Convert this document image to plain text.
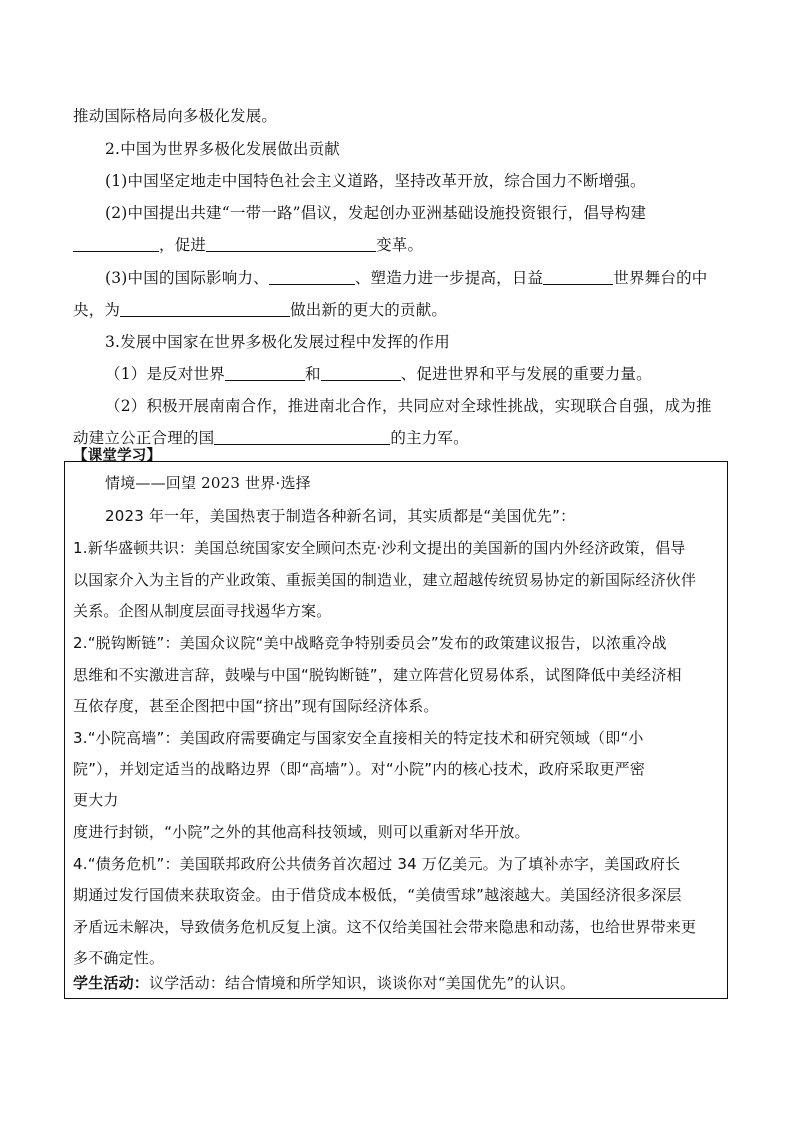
推动国际格局向多极化发展。
2.中国为世界多极化发展做出贡献
(1)中国坚定地走中国特色社会主义道路，坚持改革开放，综合国力不断增强。
(2)中国提出共建“一带一路”倡议，发起创办亚洲基础设施投资银行，倡导构建
，促进	变革。
(3)中国的国际影响力、	、塑造力进一步提高，日益	世界舞台的中
央，为	做出新的更大的贡献。
3.发展中国家在世界多极化发展过程中发挥的作用
（1）是反对世界	和	、促进世界和平与发展的重要力量。
（2）积极开展南南合作，推进南北合作，共同应对全球性挑战，实现联合自强，成为推
动建立公正合理的国	的主力军。
【课堂学习】
情境——回望 2023 世界·选择
2023 年一年，美国热衷于制造各种新名词，其实质都是“美国优先”：
1.新华盛顿共识：美国总统国家安全顾问杰克·沙利文提出的美国新的国内外经济政策，倡导
以国家介入为主旨的产业政策、重振美国的制造业，建立超越传统贸易协定的新国际经济伙伴
关系。企图从制度层面寻找遏华方案。
2.“脱钩断链”：美国众议院“美中战略竞争特别委员会”发布的政策建议报告，以浓重冷战
思维和不实激进言辞，鼓噪与中国“脱钩断链”，建立阵营化贸易体系，试图降低中美经济相
互依存度，甚至企图把中国“挤出”现有国际经济体系。
3.“小院高墙”：美国政府需要确定与国家安全直接相关的特定技术和研究领域（即“小
院”），并划定适当的战略边界（即“高墙”）。对“小院”内的核心技术，政府采取更严密
更大力
度进行封锁，“小院”之外的其他高科技领域，则可以重新对华开放。
4.“债务危机”：美国联邦政府公共债务首次超过 34 万亿美元。为了填补赤字，美国政府长
期通过发行国债来获取资金。由于借贷成本极低，“美债雪球”越滚越大。美国经济很多深层
矛盾远未解决，导致债务危机反复上演。这不仅给美国社会带来隐患和动荡，也给世界带来更
多不确定性。
学生活动：议学活动：结合情境和所学知识，谈谈你对“美国优先”的认识。
